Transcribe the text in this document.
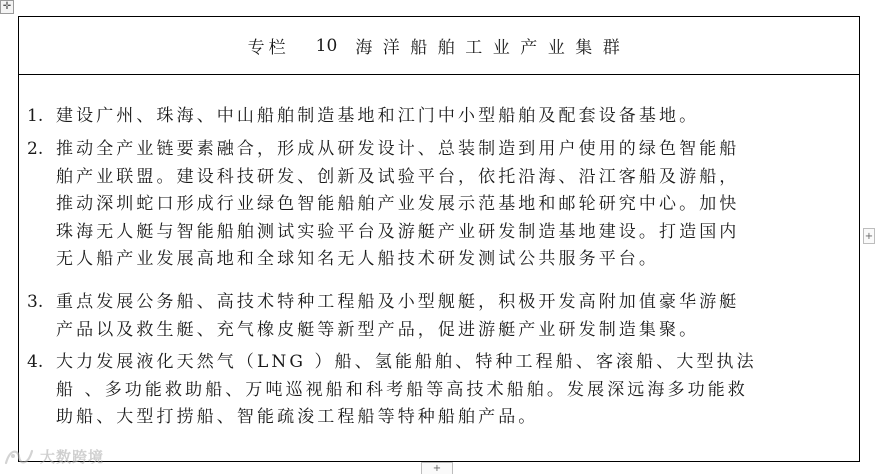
✛
专栏 10 海洋船舶工业产业集群
1. 建设广州、珠海、中山船舶制造基地和江门中小型船舶及配套设备基地。
2. 推动全产业链要素融合，形成从研发设计、总装制造到用户使用的绿色智能船
舶产业联盟。建设科技研发、创新及试验平台，依托沿海、沿江客船及游船，
推动深圳蛇口形成行业绿色智能船舶产业发展示范基地和邮轮研究中心。加快
珠海无人艇与智能船舶测试实验平台及游艇产业研发制造基地建设。打造国内
无人船产业发展高地和全球知名无人船技术研发测试公共服务平台。
3. 重点发展公务船、高技术特种工程船及小型舰艇，积极开发高附加值豪华游艇
产品以及救生艇、充气橡皮艇等新型产品，促进游艇产业研发制造集聚。
4. 大力发展液化天然气（LNG ）船、氢能船舶、特种工程船、客滚船、大型执法
船 、多功能救助船、万吨巡视船和科考船等高技术船舶。发展深远海多功能救
助船、大型打捞船、智能疏浚工程船等特种船舶产品。
+
+
大数跨境
